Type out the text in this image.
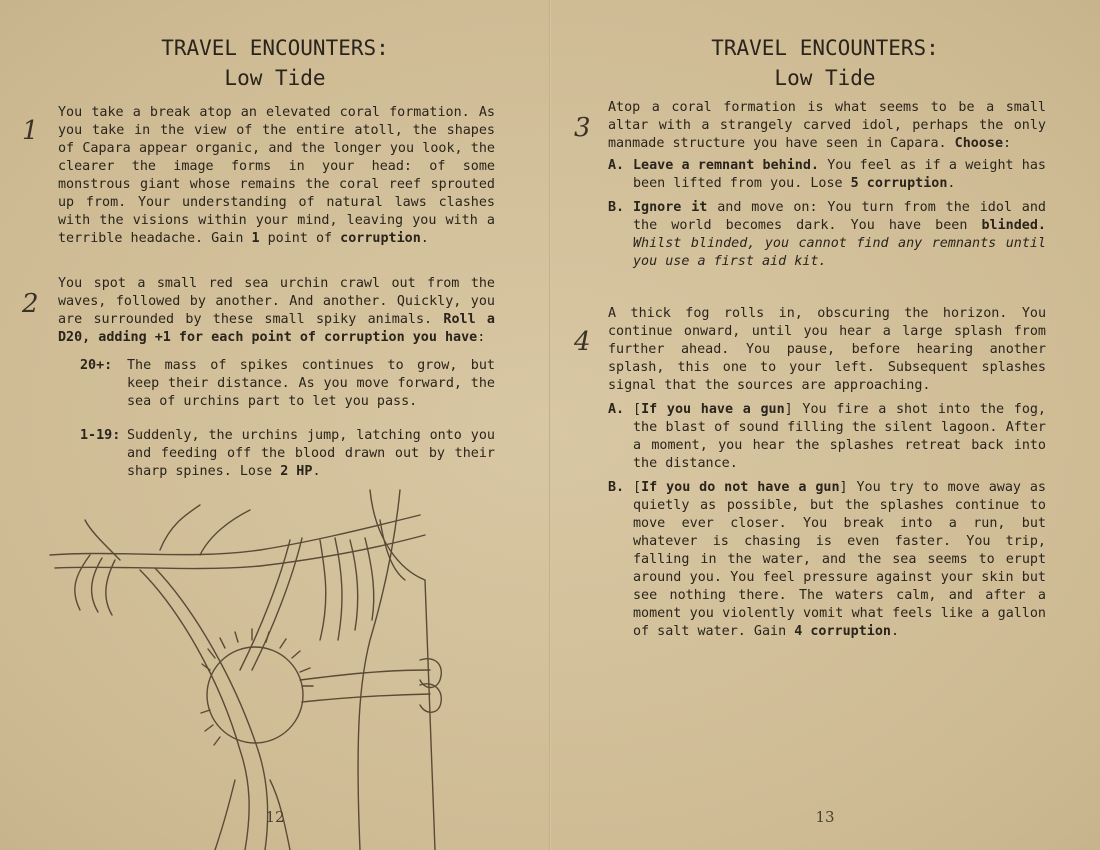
TRAVEL ENCOUNTERS:
Low Tide
1

You take a break atop an elevated coral formation. As you take in the view of the entire atoll, the shapes of Capara appear organic, and the longer you look, the clearer the image forms in your head: of some monstrous giant whose remains the coral reef sprouted up from. Your understanding of natural laws clashes with the visions within your mind, leaving you with a terrible headache. Gain 1 point of corruption.

2

You spot a small red sea urchin crawl out from the waves, followed by another. And another. Quickly, you are surrounded by these small spiky animals. Roll a D20, adding +1 for each point of corruption you have:

20+:	The mass of spikes continues to grow, but keep their distance. As you move forward, the sea of urchins part to let you pass.
1-19: Suddenly, the urchins jump, latching onto you and feeding off the blood drawn out by their sharp spines. Lose 2 HP.
12
TRAVEL ENCOUNTERS:
Low Tide
3

Atop a coral formation is what seems to be a small altar with a strangely carved idol, perhaps the only manmade structure you have seen in Capara. Choose:

A. Leave a remnant behind. You feel as if a weight has been lifted from you. Lose 5 corruption.
B. Ignore it and move on: You turn from the idol and the world becomes dark. You have been blinded. Whilst blinded, you cannot find any remnants until you use a first aid kit.
4

A thick fog rolls in, obscuring the horizon. You continue onward, until you hear a large splash from further ahead. You pause, before hearing another splash, this one to your left. Subsequent splashes signal that the sources are approaching.

A. [If you have a gun] You fire a shot into the fog, the blast of sound filling the silent lagoon. After a moment, you hear the splashes retreat back into the distance.
B. [If you do not have a gun] You try to move away as quietly as possible, but the splashes continue to move ever closer. You break into a run, but whatever is chasing is even faster. You trip, falling in the water, and the sea seems to erupt around you. You feel pressure against your skin but see nothing there. The waters calm, and after a moment you violently vomit what feels like a gallon of salt water. Gain 4 corruption.
13
